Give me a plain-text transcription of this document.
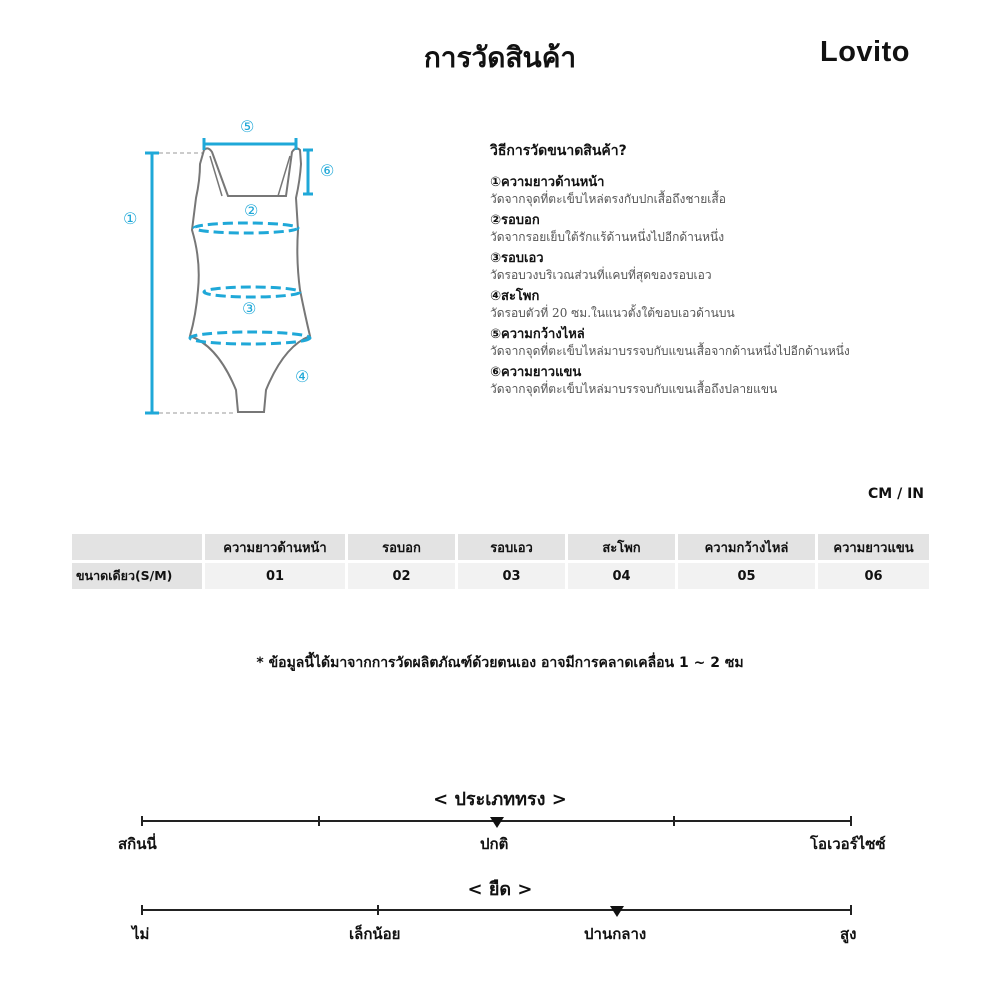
การวัดสินค้า	Lovito
①	②
③
④
⑤
⑥
วิธีการวัดขนาดสินค้า?
①ความยาวด้านหน้า
วัดจากจุดที่ตะเข็บไหล่ตรงกับปกเสื้อถึงชายเสื้อ
②รอบอก
วัดจากรอยเย็บใต้รักแร้ด้านหนึ่งไปอีกด้านหนึ่ง
③รอบเอว
วัดรอบวงบริเวณส่วนที่แคบที่สุดของรอบเอว
④สะโพก
วัดรอบตัวที่ 20 ซม.ในแนวตั้งใต้ขอบเอวด้านบน
⑤ความกว้างไหล่
วัดจากจุดที่ตะเข็บไหล่มาบรรจบกับแขนเสื้อจากด้านหนึ่งไปอีกด้านหนึ่ง
⑥ความยาวแขน
วัดจากจุดที่ตะเข็บไหล่มาบรรจบกับแขนเสื้อถึงปลายแขน
CM / IN
	ความยาวด้านหน้า	รอบอก	รอบเอว	สะโพก	ความกว้างไหล่	ความยาวแขน
ขนาดเดียว(S/M)	01	02	03	04	05	06
* ข้อมูลนี้ได้มาจากการวัดผลิตภัณฑ์ด้วยตนเอง อาจมีการคลาดเคลื่อน 1 ~ 2 ซม
< ประเภททรง >
สกินนี่	ปกติ	โอเวอร์ไซซ์
< ยืด >
ไม่	เล็กน้อย	ปานกลาง	สูง
